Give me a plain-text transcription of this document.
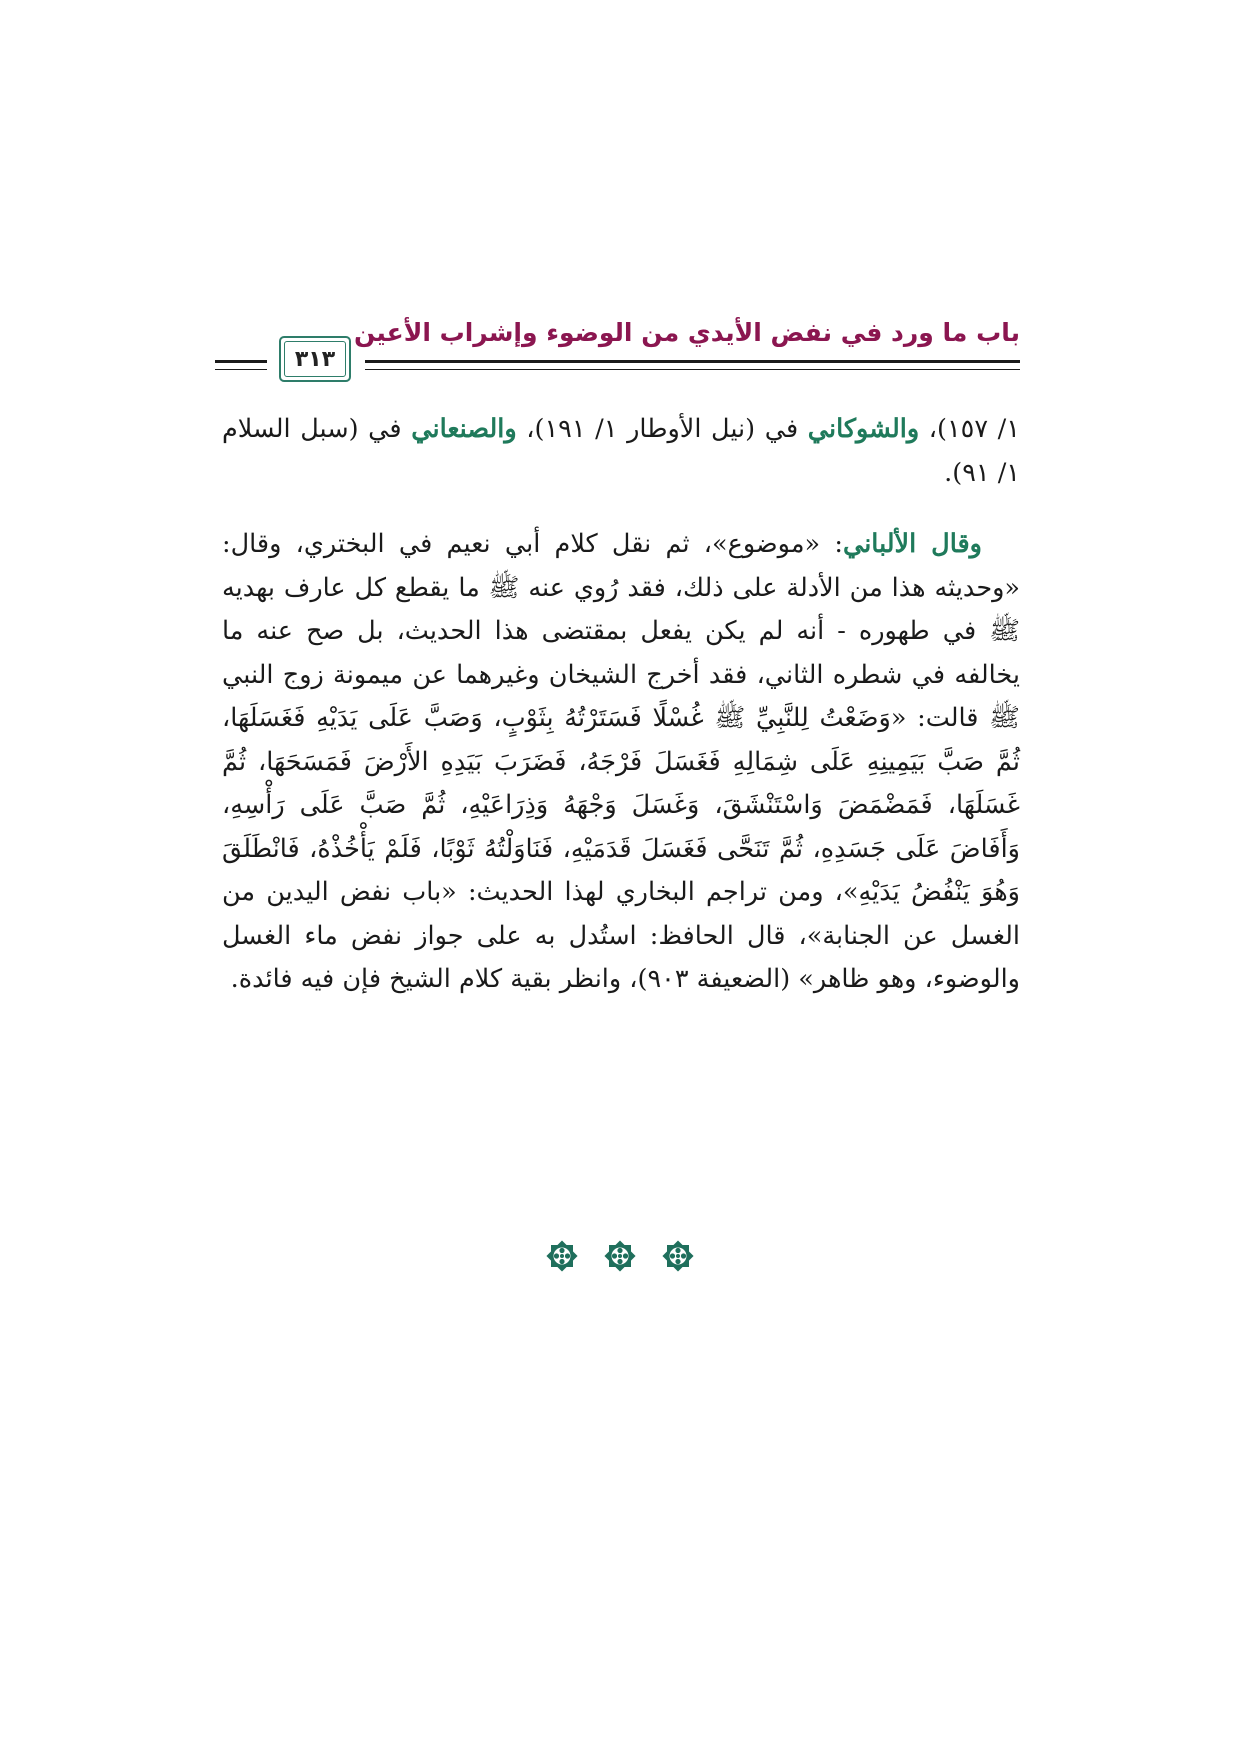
باب ما ورد في نفض الأيدي من الوضوء وإشراب الأعين
٣١٣

١/ ١٥٧)، والشوكاني في (نيل الأوطار ١/ ١٩١)، والصنعاني في (سبل السلام ١/ ٩١).

وقال الألباني: «موضوع»، ثم نقل كلام أبي نعيم في البختري، وقال: «وحديثه هذا من الأدلة على ذلك، فقد رُوي عنه ﷺ ما يقطع كل عارف بهديه ﷺ في طهوره - أنه لم يكن يفعل بمقتضى هذا الحديث، بل صح عنه ما يخالفه في شطره الثاني، فقد أخرج الشيخان وغيرهما عن ميمونة زوج النبي ﷺ قالت: «وَضَعْتُ لِلنَّبِيِّ ﷺ غُسْلًا فَسَتَرْتُهُ بِثَوْبٍ، وَصَبَّ عَلَى يَدَيْهِ فَغَسَلَهَا، ثُمَّ صَبَّ بَيَمِينِهِ عَلَى شِمَالِهِ فَغَسَلَ فَرْجَهُ، فَضَرَبَ بَيَدِهِ الأَرْضَ فَمَسَحَهَا، ثُمَّ غَسَلَهَا، فَمَضْمَضَ وَاسْتَنْشَقَ، وَغَسَلَ وَجْهَهُ وَذِرَاعَيْهِ، ثُمَّ صَبَّ عَلَى رَأْسِهِ، وَأَفَاضَ عَلَى جَسَدِهِ، ثُمَّ تَنَحَّى فَغَسَلَ قَدَمَيْهِ، فَنَاوَلْتُهُ ثَوْبًا، فَلَمْ يَأْخُذْهُ، فَانْطَلَقَ وَهُوَ يَنْفُضُ يَدَيْهِ»، ومن تراجم البخاري لهذا الحديث: «باب نفض اليدين من الغسل عن الجنابة»، قال الحافظ: استُدل به على جواز نفض ماء الغسل والوضوء، وهو ظاهر» (الضعيفة ٩٠٣)، وانظر بقية كلام الشيخ فإن فيه فائدة.
